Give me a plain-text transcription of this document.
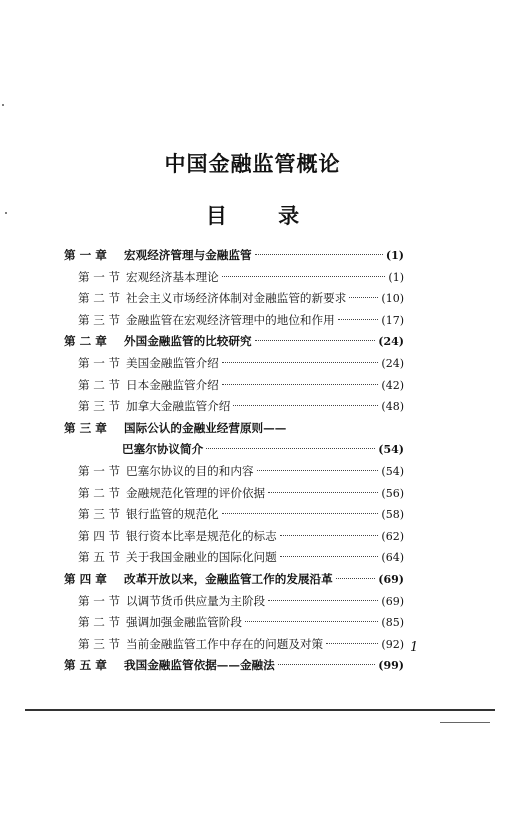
中国金融监管概论
目 录
第 一 章	宏观经济管理与金融监管	(1)
第 一 节 宏观经济基本理论	(1)
第 二 节 社会主义市场经济体制对金融监管的新要求	(10)
第 三 节 金融监管在宏观经济管理中的地位和作用	(17)
第 二 章	外国金融监管的比较研究	(24)
第 一 节 美国金融监管介绍	(24)
第 二 节 日本金融监管介绍	(42)
第 三 节 加拿大金融监管介绍	(48)
第 三 章	国际公认的金融业经营原则——
巴塞尔协议简介	(54)
第 一 节 巴塞尔协议的目的和内容	(54)
第 二 节 金融规范化管理的评价依据	(56)
第 三 节 银行监管的规范化	(58)
第 四 节 银行资本比率是规范化的标志	(62)
第 五 节 关于我国金融业的国际化问题	(64)
第 四 章	改革开放以来，金融监管工作的发展沿革	(69)
第 一 节 以调节货币供应量为主阶段	(69)
第 二 节 强调加强金融监管阶段	(85)
第 三 节 当前金融监管工作中存在的问题及对策	(92)
第 五 章	我国金融监管依据——金融法	(99)
1
